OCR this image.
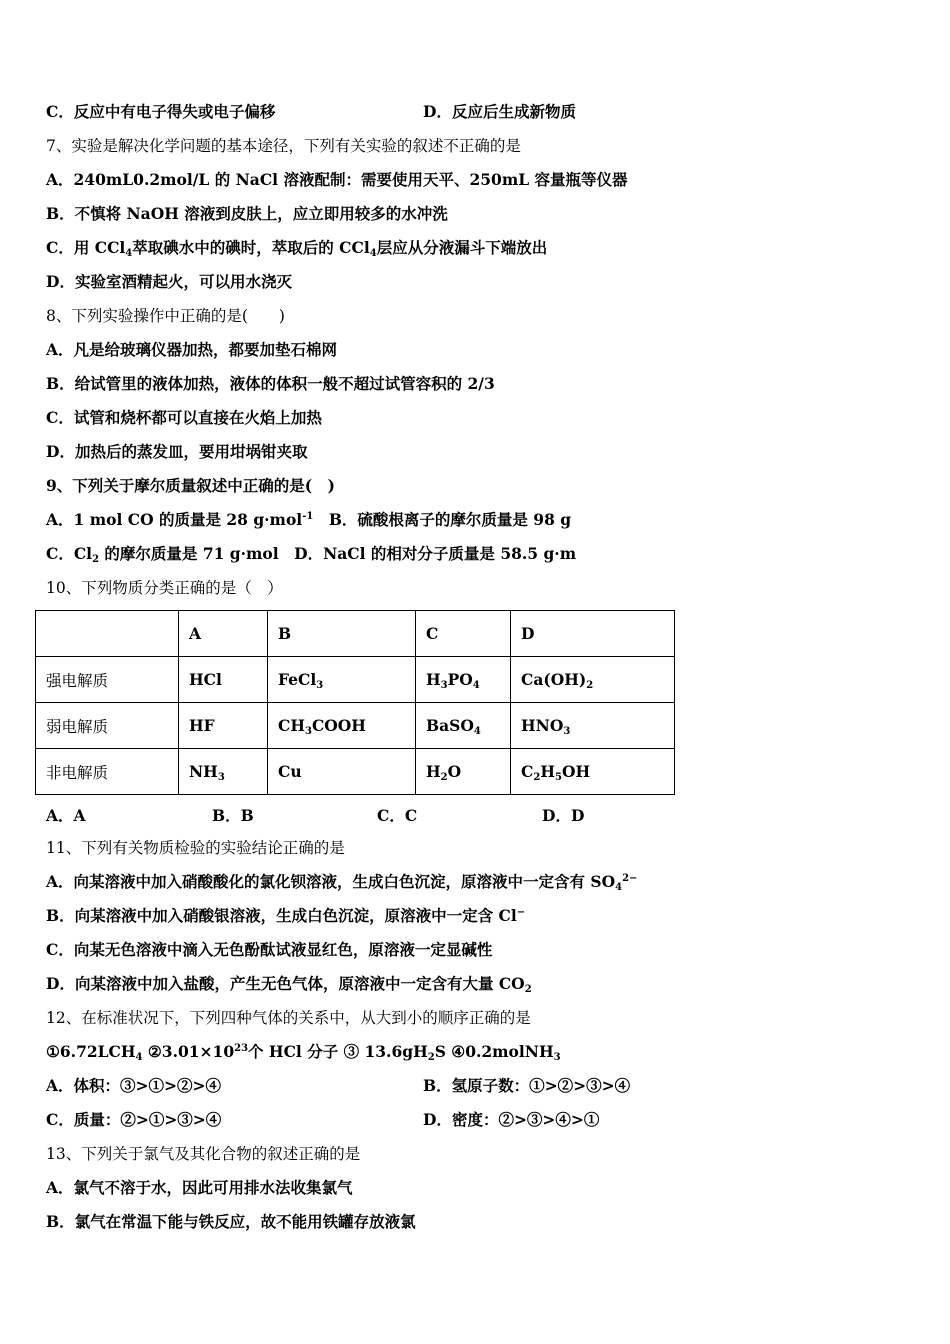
C．反应中有电子得失或电子偏移	D．反应后生成新物质
7、实验是解决化学问题的基本途径，下列有关实验的叙述不正确的是
A．240mL0.2mol/L 的 NaCl 溶液配制：需要使用天平、250mL 容量瓶等仪器
B．不慎将 NaOH 溶液到皮肤上，应立即用较多的水冲洗
C．用 CCl$_4$萃取碘水中的碘时，萃取后的 CCl$_4$层应从分液漏斗下端放出
D．实验室酒精起火，可以用水浇灭
8、下列实验操作中正确的是(　　)
A．凡是给玻璃仪器加热，都要加垫石棉网
B．给试管里的液体加热，液体的体积一般不超过试管容积的 2/3
C．试管和烧杯都可以直接在火焰上加热
D．加热后的蒸发皿，要用坩埚钳夹取
9、下列关于摩尔质量叙述中正确的是(　)
A．1 mol CO 的质量是 28 g·mol$^{-1}$　B．硫酸根离子的摩尔质量是 98 g
C．$Cl_2$ 的摩尔质量是 71 g·mol　D．NaCl 的相对分子质量是 58.5 g·m
10、下列物质分类正确的是（　）
	A	B	C	D
强电解质	HCl	FeCl$_3$	$H_3PO_4$	$Ca(OH)_2$
弱电解质	HF	$CH_3COOH$	BaSO$_4$	$HNO_3$
非电解质	$NH_3$	Cu	$H_2O$	$C_2H_5OH$
A．A	B．B	C．C	D．D
11、下列有关物质检验的实验结论正确的是
A．向某溶液中加入硝酸酸化的氯化钡溶液，生成白色沉淀，原溶液中一定含有 $SO_4^{2-}$
B．向某溶液中加入硝酸银溶液，生成白色沉淀，原溶液中一定含 Cl−
C．向某无色溶液中滴入无色酚酞试液显红色，原溶液一定显碱性
D．向某溶液中加入盐酸，产生无色气体，原溶液中一定含有大量 $CO_2$
12、在标准状况下，下列四种气体的关系中，从大到小的顺序正确的是
$①6.72LCH_4$ $②3.01\times 10^{23}$个 HCl 分子 ③ $13.6gH_2S$ ④0.2molNH$_3$
A．体积：③>①>②>④	B．氢原子数：①>②>③>④
C．质量：②>①>③>④	D．密度：②>③>④>①
13、下列关于氯气及其化合物的叙述正确的是
A．氯气不溶于水，因此可用排水法收集氯气
B．氯气在常温下能与铁反应，故不能用铁罐存放液氯
